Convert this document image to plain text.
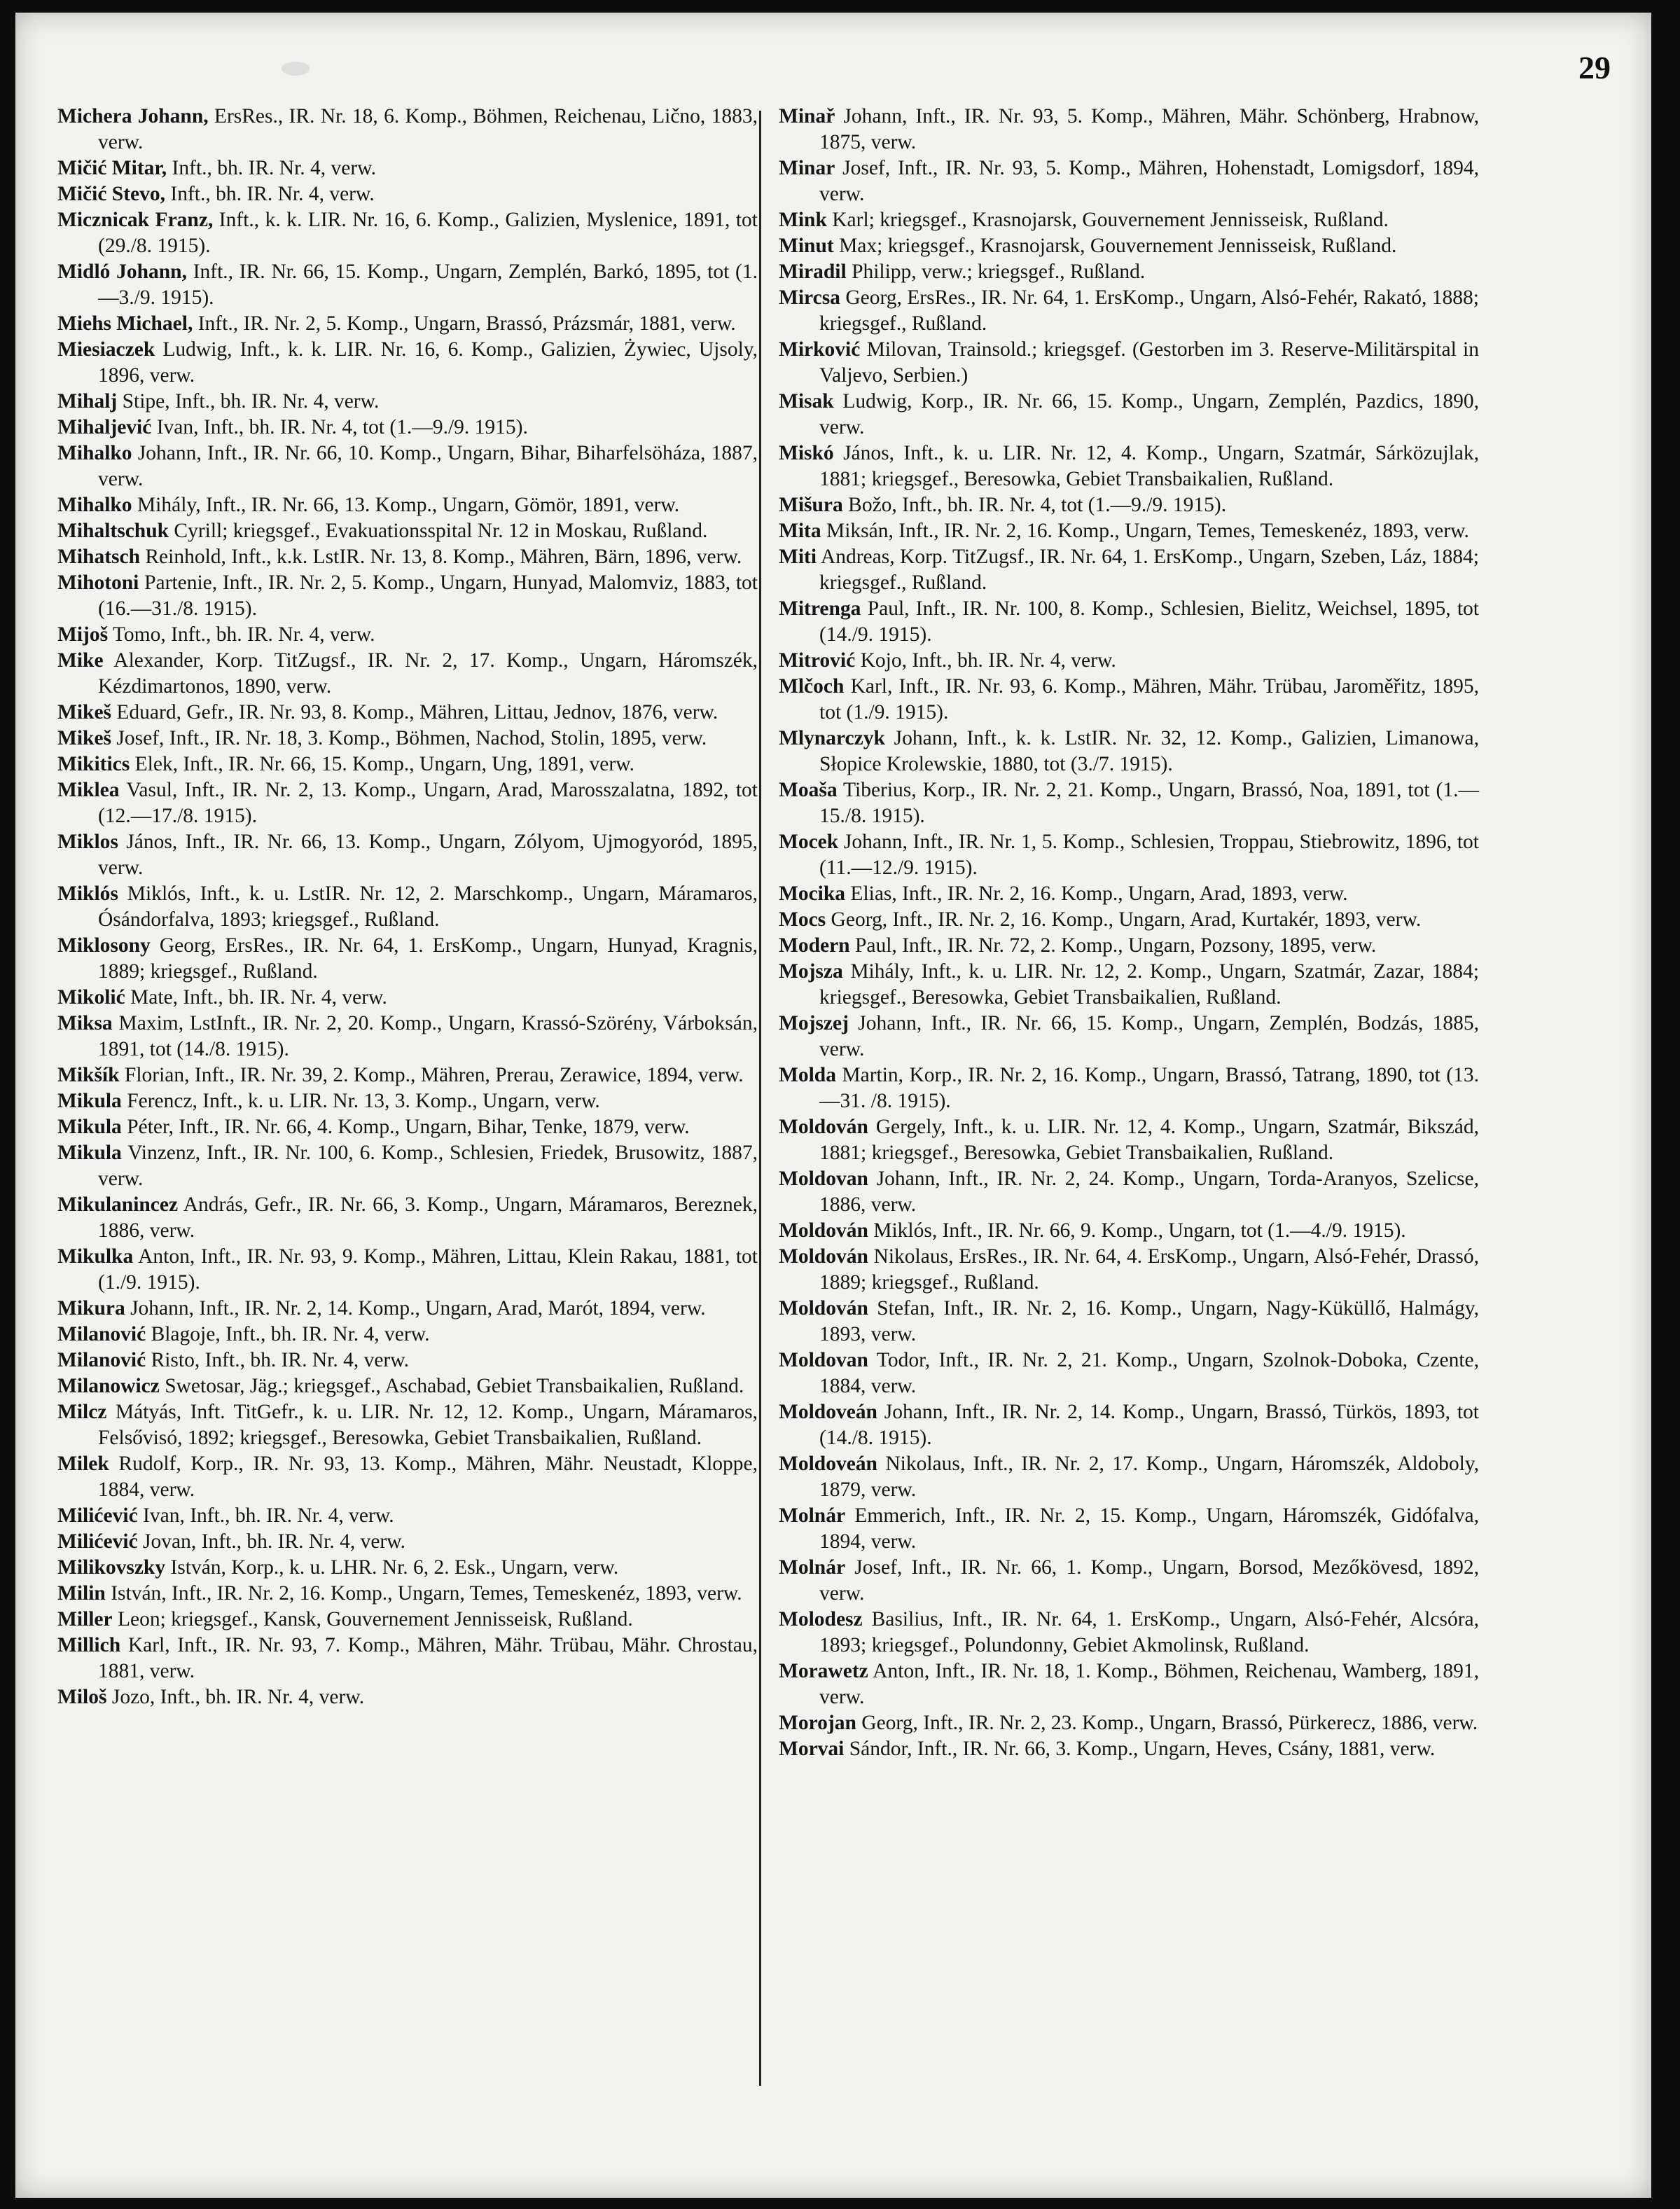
29

Michera Johann, ErsRes., IR. Nr. 18, 6. Komp., Böhmen, Reichenau, Lično, 1883, verw.

Mičić Mitar, Inft., bh. IR. Nr. 4, verw.

Mičić Stevo, Inft., bh. IR. Nr. 4, verw.

Micznicak Franz, Inft., k. k. LIR. Nr. 16, 6. Komp., Galizien, Myslenice, 1891, tot (29./8. 1915).

Midló Johann, Inft., IR. Nr. 66, 15. Komp., Ungarn, Zemplén, Barkó, 1895, tot (1.—3./9. 1915).

Miehs Michael, Inft., IR. Nr. 2, 5. Komp., Ungarn, Brassó, Prázsmár, 1881, verw.

Miesiaczek Ludwig, Inft., k. k. LIR. Nr. 16, 6. Komp., Galizien, Żywiec, Ujsoly, 1896, verw.

Mihalj Stipe, Inft., bh. IR. Nr. 4, verw.

Mihaljević Ivan, Inft., bh. IR. Nr. 4, tot (1.—9./9. 1915).

Mihalko Johann, Inft., IR. Nr. 66, 10. Komp., Ungarn, Bihar, Biharfelsöháza, 1887, verw.

Mihalko Mihály, Inft., IR. Nr. 66, 13. Komp., Ungarn, Gömör, 1891, verw.

Mihaltschuk Cyrill; kriegsgef., Evakuationsspital Nr. 12 in Moskau, Rußland.

Mihatsch Reinhold, Inft., k.k. LstIR. Nr. 13, 8. Komp., Mähren, Bärn, 1896, verw.

Mihotoni Partenie, Inft., IR. Nr. 2, 5. Komp., Ungarn, Hunyad, Malomviz, 1883, tot (16.—31./8. 1915).

Mijoš Tomo, Inft., bh. IR. Nr. 4, verw.

Mike Alexander, Korp. TitZugsf., IR. Nr. 2, 17. Komp., Ungarn, Háromszék, Kézdimartonos, 1890, verw.

Mikeš Eduard, Gefr., IR. Nr. 93, 8. Komp., Mähren, Littau, Jednov, 1876, verw.

Mikeš Josef, Inft., IR. Nr. 18, 3. Komp., Böhmen, Nachod, Stolin, 1895, verw.

Mikitics Elek, Inft., IR. Nr. 66, 15. Komp., Ungarn, Ung, 1891, verw.

Miklea Vasul, Inft., IR. Nr. 2, 13. Komp., Ungarn, Arad, Marosszalatna, 1892, tot (12.—17./8. 1915).

Miklos János, Inft., IR. Nr. 66, 13. Komp., Ungarn, Zólyom, Ujmogyoród, 1895, verw.

Miklós Miklós, Inft., k. u. LstIR. Nr. 12, 2. Marschkomp., Ungarn, Máramaros, Ósándorfalva, 1893; kriegsgef., Rußland.

Miklosony Georg, ErsRes., IR. Nr. 64, 1. ErsKomp., Ungarn, Hunyad, Kragnis, 1889; kriegsgef., Rußland.

Mikolić Mate, Inft., bh. IR. Nr. 4, verw.

Miksa Maxim, LstInft., IR. Nr. 2, 20. Komp., Ungarn, Krassó-Szörény, Várboksán, 1891, tot (14./8. 1915).

Mikšík Florian, Inft., IR. Nr. 39, 2. Komp., Mähren, Prerau, Zerawice, 1894, verw.

Mikula Ferencz, Inft., k. u. LIR. Nr. 13, 3. Komp., Ungarn, verw.

Mikula Péter, Inft., IR. Nr. 66, 4. Komp., Ungarn, Bihar, Tenke, 1879, verw.

Mikula Vinzenz, Inft., IR. Nr. 100, 6. Komp., Schlesien, Friedek, Brusowitz, 1887, verw.

Mikulanincez András, Gefr., IR. Nr. 66, 3. Komp., Ungarn, Máramaros, Bereznek, 1886, verw.

Mikulka Anton, Inft., IR. Nr. 93, 9. Komp., Mähren, Littau, Klein Rakau, 1881, tot (1./9. 1915).

Mikura Johann, Inft., IR. Nr. 2, 14. Komp., Ungarn, Arad, Marót, 1894, verw.

Milanović Blagoje, Inft., bh. IR. Nr. 4, verw.

Milanović Risto, Inft., bh. IR. Nr. 4, verw.

Milanowicz Swetosar, Jäg.; kriegsgef., Aschabad, Gebiet Transbaikalien, Rußland.

Milcz Mátyás, Inft. TitGefr., k. u. LIR. Nr. 12, 12. Komp., Ungarn, Máramaros, Felsővisó, 1892; kriegsgef., Beresowka, Gebiet Transbaikalien, Rußland.

Milek Rudolf, Korp., IR. Nr. 93, 13. Komp., Mähren, Mähr. Neustadt, Kloppe, 1884, verw.

Milićević Ivan, Inft., bh. IR. Nr. 4, verw.

Milićević Jovan, Inft., bh. IR. Nr. 4, verw.

Milikovszky István, Korp., k. u. LHR. Nr. 6, 2. Esk., Ungarn, verw.

Milin István, Inft., IR. Nr. 2, 16. Komp., Ungarn, Temes, Temeskenéz, 1893, verw.

Miller Leon; kriegsgef., Kansk, Gouvernement Jennisseisk, Rußland.

Millich Karl, Inft., IR. Nr. 93, 7. Komp., Mähren, Mähr. Trübau, Mähr. Chrostau, 1881, verw.

Miloš Jozo, Inft., bh. IR. Nr. 4, verw.

Minař Johann, Inft., IR. Nr. 93, 5. Komp., Mähren, Mähr. Schönberg, Hrabnow, 1875, verw.

Minar Josef, Inft., IR. Nr. 93, 5. Komp., Mähren, Hohenstadt, Lomigsdorf, 1894, verw.

Mink Karl; kriegsgef., Krasnojarsk, Gouvernement Jennisseisk, Rußland.

Minut Max; kriegsgef., Krasnojarsk, Gouvernement Jennisseisk, Rußland.

Miradil Philipp, verw.; kriegsgef., Rußland.

Mircsa Georg, ErsRes., IR. Nr. 64, 1. ErsKomp., Ungarn, Alsó-Fehér, Rakató, 1888; kriegsgef., Rußland.

Mirković Milovan, Trainsold.; kriegsgef. (Gestorben im 3. Reserve-Militärspital in Valjevo, Serbien.)

Misak Ludwig, Korp., IR. Nr. 66, 15. Komp., Ungarn, Zemplén, Pazdics, 1890, verw.

Miskó János, Inft., k. u. LIR. Nr. 12, 4. Komp., Ungarn, Szatmár, Sárközujlak, 1881; kriegsgef., Beresowka, Gebiet Transbaikalien, Rußland.

Mišura Božo, Inft., bh. IR. Nr. 4, tot (1.—9./9. 1915).

Mita Miksán, Inft., IR. Nr. 2, 16. Komp., Ungarn, Temes, Temeskenéz, 1893, verw.

Miti Andreas, Korp. TitZugsf., IR. Nr. 64, 1. ErsKomp., Ungarn, Szeben, Láz, 1884; kriegsgef., Rußland.

Mitrenga Paul, Inft., IR. Nr. 100, 8. Komp., Schlesien, Bielitz, Weichsel, 1895, tot (14./9. 1915).

Mitrović Kojo, Inft., bh. IR. Nr. 4, verw.

Mlčoch Karl, Inft., IR. Nr. 93, 6. Komp., Mähren, Mähr. Trübau, Jaroměřitz, 1895, tot (1./9. 1915).

Mlynarczyk Johann, Inft., k. k. LstIR. Nr. 32, 12. Komp., Galizien, Limanowa, Słopice Krolewskie, 1880, tot (3./7. 1915).

Moaša Tiberius, Korp., IR. Nr. 2, 21. Komp., Ungarn, Brassó, Noa, 1891, tot (1.—15./8. 1915).

Mocek Johann, Inft., IR. Nr. 1, 5. Komp., Schlesien, Troppau, Stiebrowitz, 1896, tot (11.—12./9. 1915).

Mocika Elias, Inft., IR. Nr. 2, 16. Komp., Ungarn, Arad, 1893, verw.

Mocs Georg, Inft., IR. Nr. 2, 16. Komp., Ungarn, Arad, Kurtakér, 1893, verw.

Modern Paul, Inft., IR. Nr. 72, 2. Komp., Ungarn, Pozsony, 1895, verw.

Mojsza Mihály, Inft., k. u. LIR. Nr. 12, 2. Komp., Ungarn, Szatmár, Zazar, 1884; kriegsgef., Beresowka, Gebiet Transbaikalien, Rußland.

Mojszej Johann, Inft., IR. Nr. 66, 15. Komp., Ungarn, Zemplén, Bodzás, 1885, verw.

Molda Martin, Korp., IR. Nr. 2, 16. Komp., Ungarn, Brassó, Tatrang, 1890, tot (13.—31. /8. 1915).

Moldován Gergely, Inft., k. u. LIR. Nr. 12, 4. Komp., Ungarn, Szatmár, Bikszád, 1881; kriegsgef., Beresowka, Gebiet Transbaikalien, Rußland.

Moldovan Johann, Inft., IR. Nr. 2, 24. Komp., Ungarn, Torda-Aranyos, Szelicse, 1886, verw.

Moldován Miklós, Inft., IR. Nr. 66, 9. Komp., Ungarn, tot (1.—4./9. 1915).

Moldován Nikolaus, ErsRes., IR. Nr. 64, 4. ErsKomp., Ungarn, Alsó-Fehér, Drassó, 1889; kriegsgef., Rußland.

Moldován Stefan, Inft., IR. Nr. 2, 16. Komp., Ungarn, Nagy-Küküllő, Halmágy, 1893, verw.

Moldovan Todor, Inft., IR. Nr. 2, 21. Komp., Ungarn, Szolnok-Doboka, Czente, 1884, verw.

Moldoveán Johann, Inft., IR. Nr. 2, 14. Komp., Ungarn, Brassó, Türkös, 1893, tot (14./8. 1915).

Moldoveán Nikolaus, Inft., IR. Nr. 2, 17. Komp., Ungarn, Háromszék, Aldoboly, 1879, verw.

Molnár Emmerich, Inft., IR. Nr. 2, 15. Komp., Ungarn, Háromszék, Gidófalva, 1894, verw.

Molnár Josef, Inft., IR. Nr. 66, 1. Komp., Ungarn, Borsod, Mezőkövesd, 1892, verw.

Molodesz Basilius, Inft., IR. Nr. 64, 1. ErsKomp., Ungarn, Alsó-Fehér, Alcsóra, 1893; kriegsgef., Polundonny, Gebiet Akmolinsk, Rußland.

Morawetz Anton, Inft., IR. Nr. 18, 1. Komp., Böhmen, Reichenau, Wamberg, 1891, verw.

Morojan Georg, Inft., IR. Nr. 2, 23. Komp., Ungarn, Brassó, Pürkerecz, 1886, verw.

Morvai Sándor, Inft., IR. Nr. 66, 3. Komp., Ungarn, Heves, Csány, 1881, verw.
